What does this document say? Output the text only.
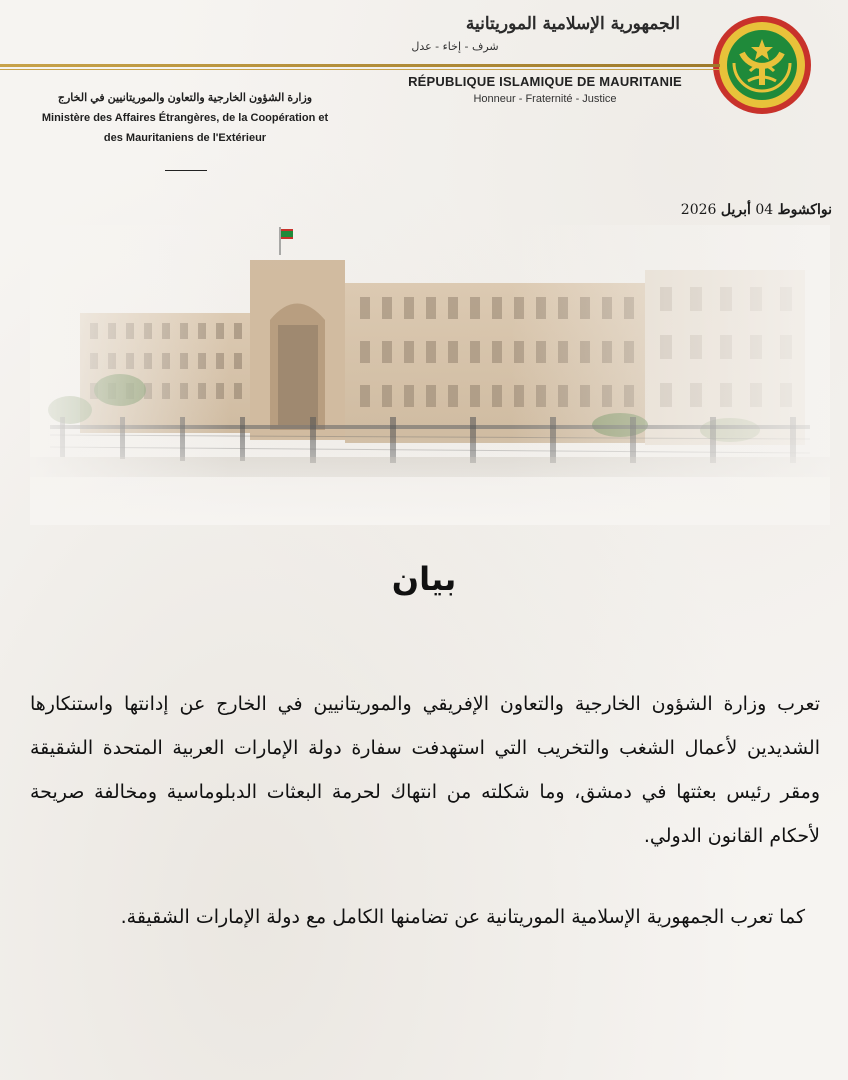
الجمهورية الإسلامية الموريتانية
شرف - إخاء - عدل
RÉPUBLIQUE ISLAMIQUE DE MAURITANIE
Honneur - Fraternité - Justice
وزارة الشؤون الخارجية والتعاون والموريتانيين في الخارج
Ministère des Affaires Étrangères, de la Coopération et
des Mauritaniens de l'Extérieur
نواكشوط 04 أبريل 2026
بيان
تعرب وزارة الشؤون الخارجية والتعاون الإفريقي والموريتانيين في الخارج عن إدانتها واستنكارها الشديدين لأعمال الشغب والتخريب التي استهدفت سفارة دولة الإمارات العربية المتحدة الشقيقة ومقر رئيس بعثتها في دمشق، وما شكلته من انتهاك لحرمة البعثات الدبلوماسية ومخالفة صريحة لأحكام القانون الدولي.
كما تعرب الجمهورية الإسلامية الموريتانية عن تضامنها الكامل مع دولة الإمارات الشقيقة.
